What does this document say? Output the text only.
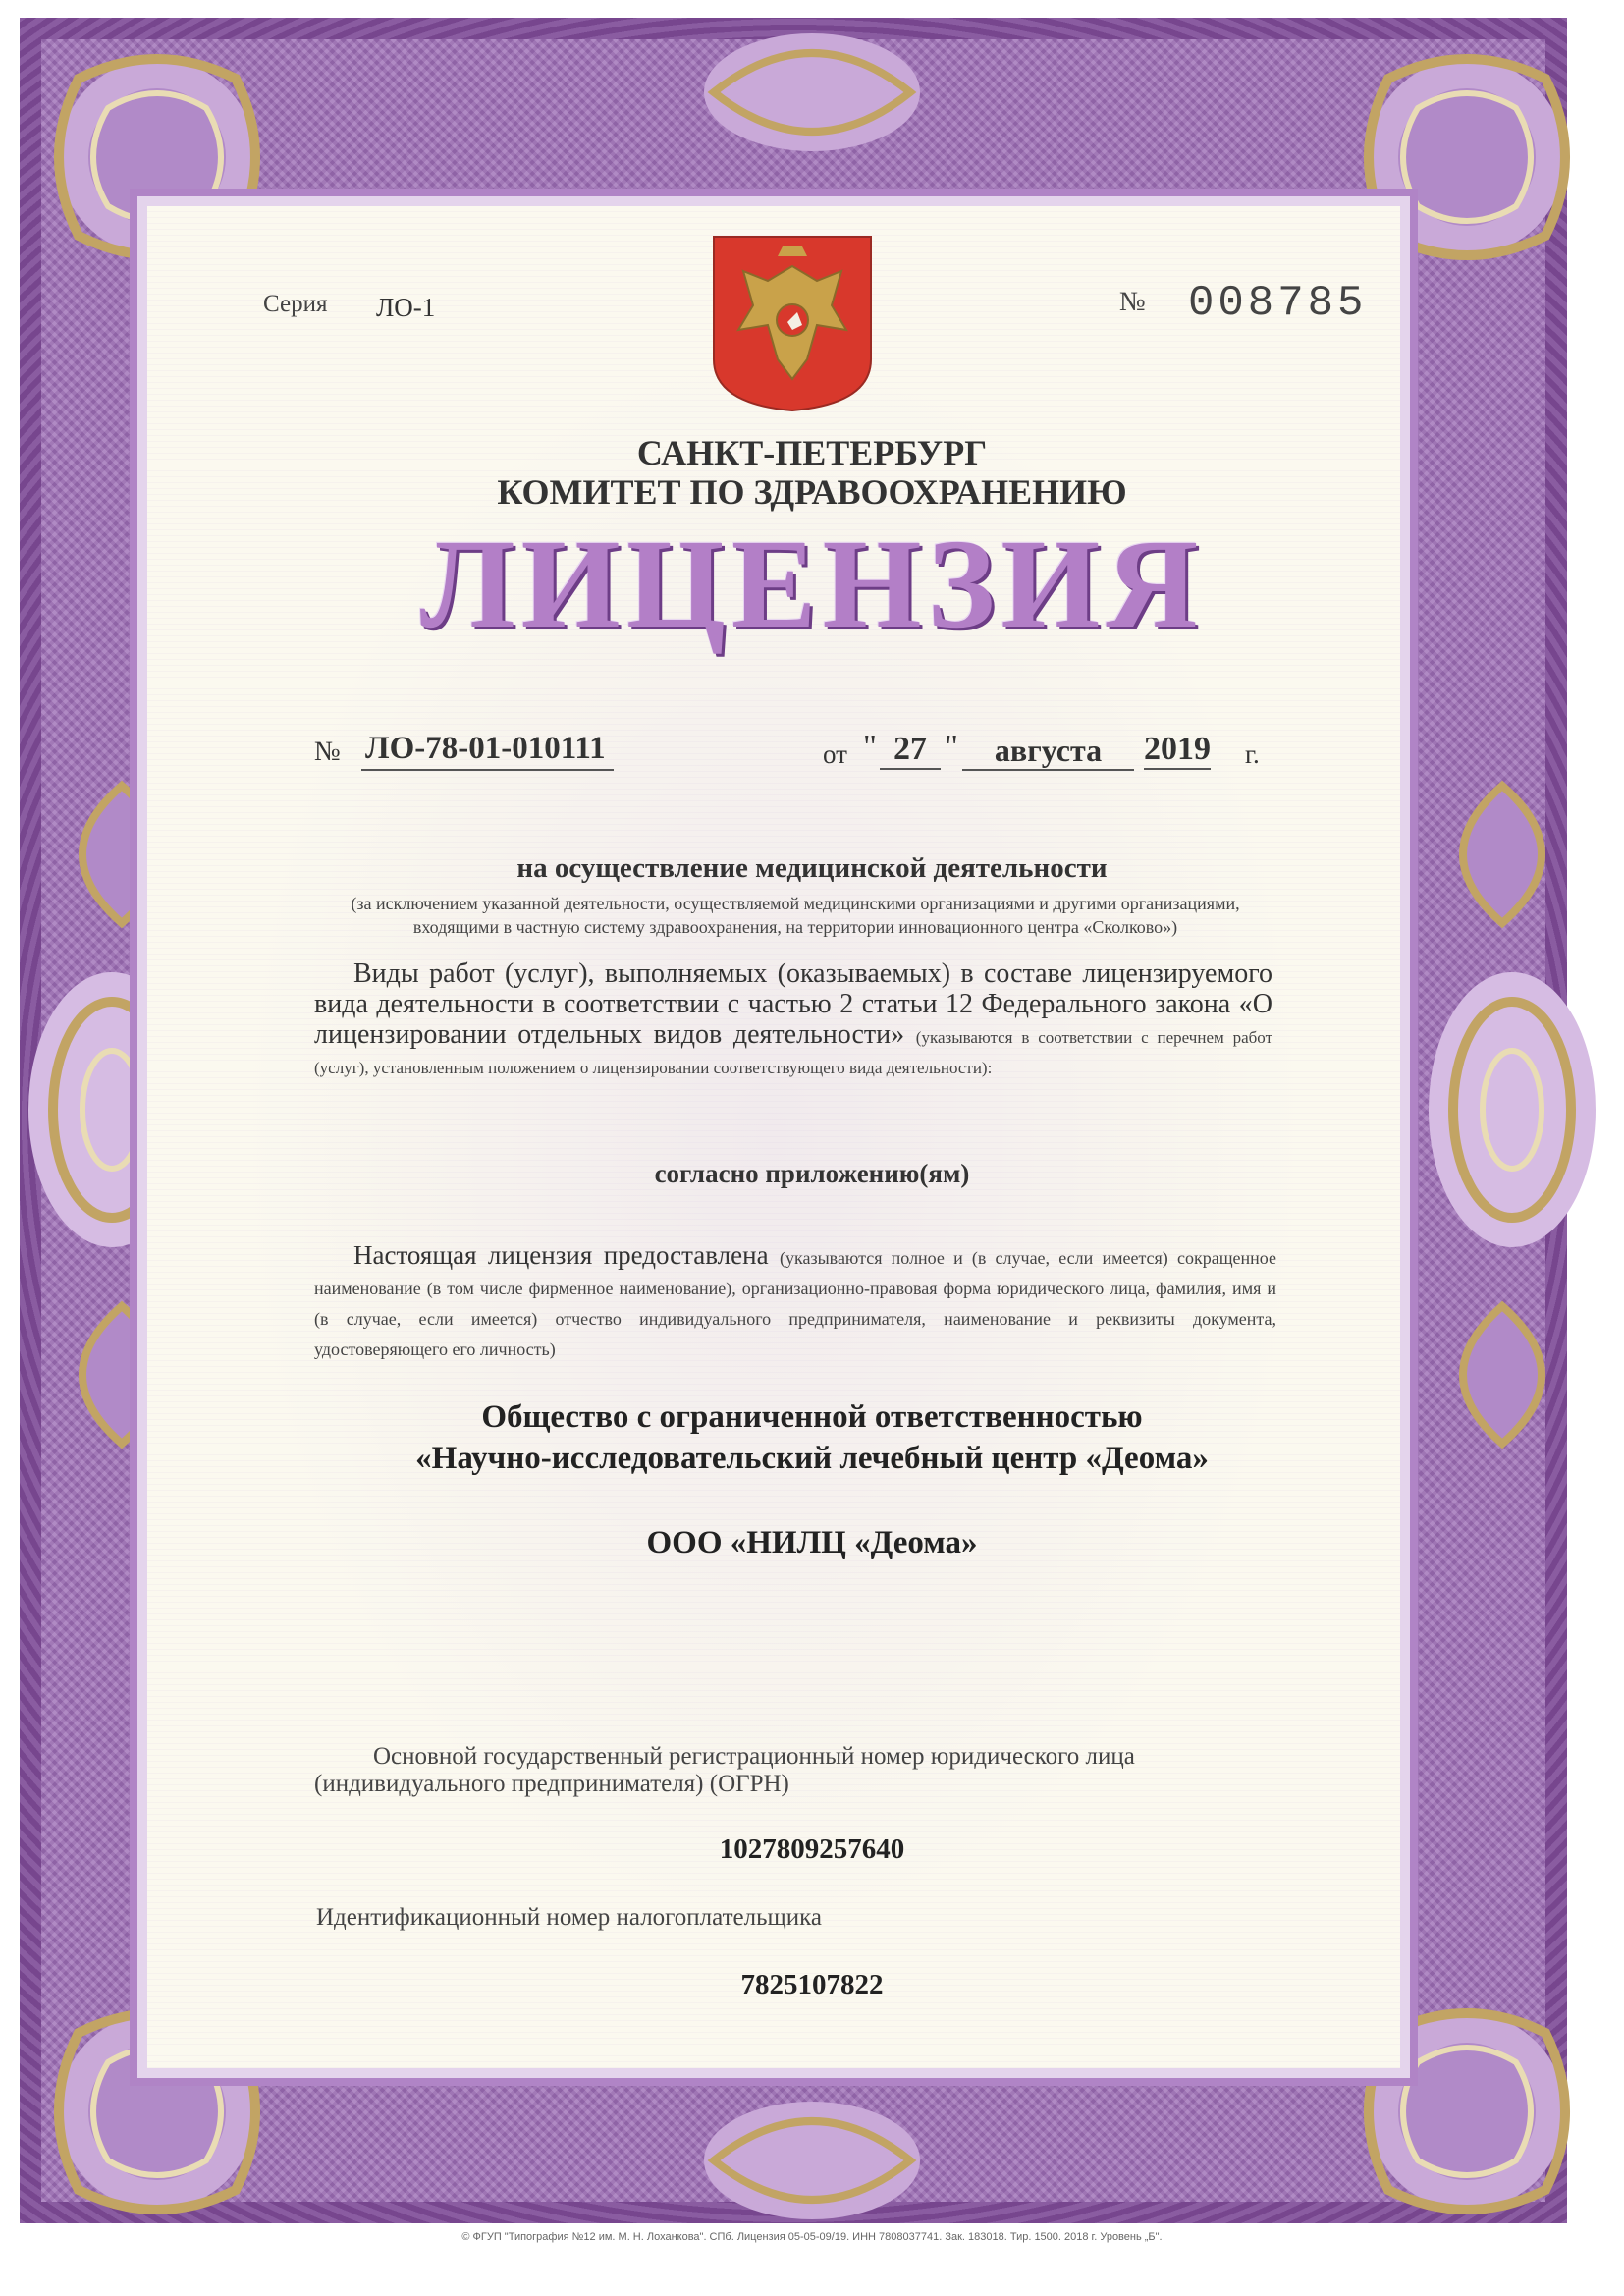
Серия ЛО-1	№ 008785
САНКТ-ПЕТЕРБУРГ
КОМИТЕТ ПО ЗДРАВООХРАНЕНИЮ
ЛИЦЕНЗИЯ
№ ЛО-78-01-010111	от " 27 "	августа	2019 г.
на осуществление медицинской деятельности
(за исключением указанной деятельности, осуществляемой медицинскими организациями и другими организациями, входящими в частную систему здравоохранения, на территории инновационного центра «Сколково»)
Виды работ (услуг), выполняемых (оказываемых) в составе лицензируемого вида деятельности в соответствии с частью 2 статьи 12 Федерального закона «О лицензировании отдельных видов деятельности» (указываются в соответствии с перечнем работ (услуг), установленным положением о лицензировании соответствующего вида деятельности):
согласно приложению(ям)
Настоящая лицензия предоставлена (указываются полное и (в случае, если имеется) сокращенное наименование (в том числе фирменное наименование), организационно-правовая форма юридического лица, фамилия, имя и (в случае, если имеется) отчество индивидуального предпринимателя, наименование и реквизиты документа, удостоверяющего его личность)
Общество с ограниченной ответственностью
«Научно-исследовательский лечебный центр «Деома»
ООО «НИЛЦ «Деома»
Основной государственный регистрационный номер юридического лица (индивидуального предпринимателя) (ОГРН)
1027809257640
Идентификационный номер налогоплательщика
7825107822
© ФГУП "Типография №12 им. М. Н. Лоханкова". СПб. Лицензия 05-05-09/19. ИНН 7808037741. Зак. 183018. Тир. 1500. 2018 г. Уровень „Б".
